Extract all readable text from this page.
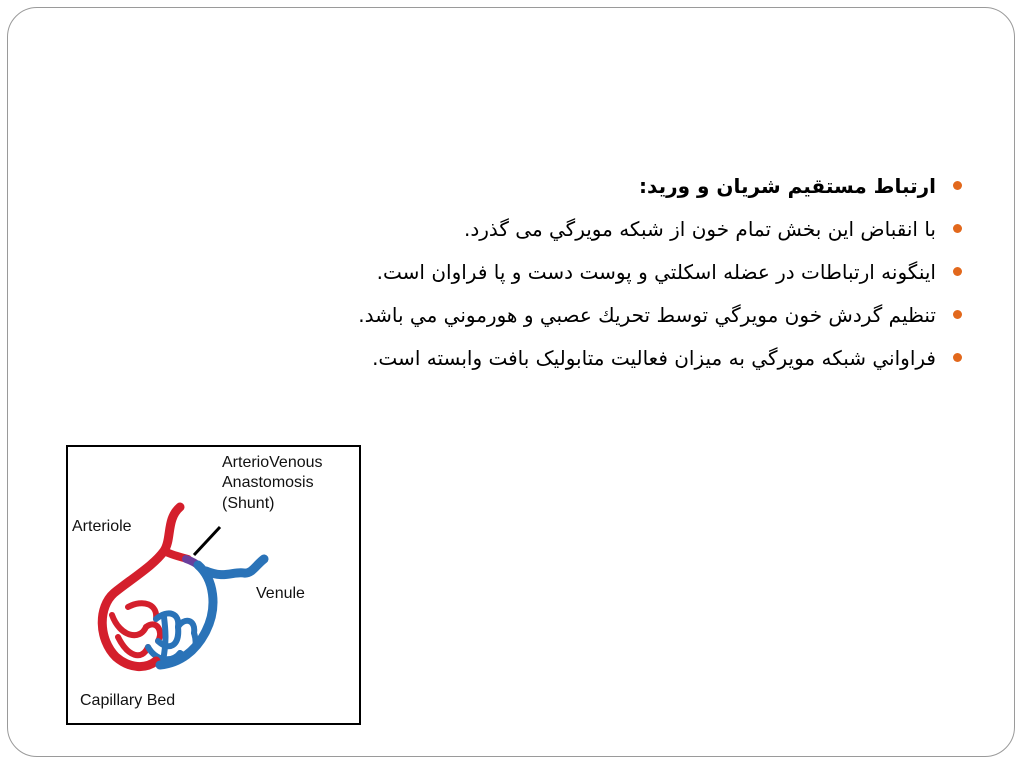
ارتباط مستقيم شريان و وريد:
با انقباض اين بخش تمام خون از شبكه مويرگي می گذرد.
اينگونه ارتباطات در عضله اسكلتي و پوست دست و پا فراوان است.
تنظيم گردش خون مويرگي توسط تحريك عصبي و هورموني مي باشد.
فراواني شبكه مويرگي به ميزان فعاليت متابوليک بافت وابسته است.
ArterioVenous
Anastomosis
(Shunt)
Arteriole
Venule
Capillary Bed
